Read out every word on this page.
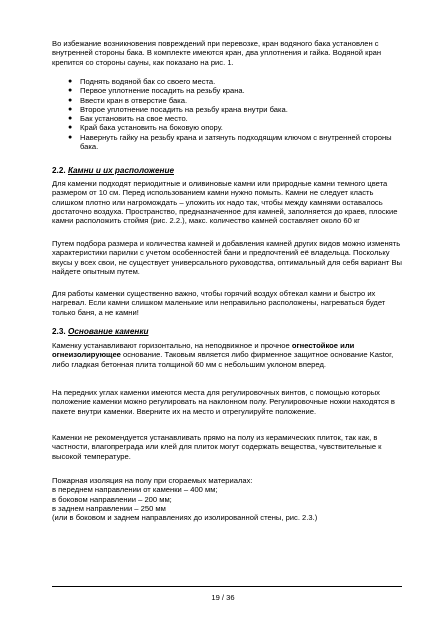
Во избежание возникновения повреждений при перевозке, кран водяного бака установлен с внутренней стороны бака. В комплекте имеются кран, два уплотнения и гайка. Водяной кран крепится со стороны сауны, как показано на рис. 1.

● Поднять водяной бак со своего места.
● Первое уплотнение посадить на резьбу крана.
● Ввести кран в отверстие бака.
● Второе уплотнение посадить на резьбу крана внутри бака.
● Бак установить на свое место.
● Край бака установить на боковую опору.
● Навернуть гайку на резьбу крана и затянуть подходящим ключом с внутренней стороны бака.
2.2. Камни и их расположение

Для каменки подходят периодитные и оливиновые камни или природные камни темного цвета размером от 10 см. Перед использованием камни нужно помыть. Камни не следует класть слишком плотно или нагромождать – уложить их надо так, чтобы между камнями оставалось достаточно воздуха. Пространство, предназначенное для камней, заполняется до краев, плоские камни расположить стоймя (рис. 2.2.), макс. количество камней составляет около 60 кг

Путем подбора размера и количества камней и добавления камней других видов можно изменять характеристики парилки с учетом особенностей бани и предпочтений её владельца. Поскольку вкусы у всех свои, не существует универсального руководства, оптимальный для себя вариант Вы найдете опытным путем.

Для работы каменки существенно важно, чтобы горячий воздух обтекал камни и быстро их нагревал. Если камни слишком маленькие или неправильно расположены, нагреваться будет только баня, а не камни!

2.3. Основание каменки

Каменку устанавливают горизонтально, на неподвижное и прочное огнестойкое или огнеизолирующее основание. Таковым является либо фирменное защитное основание Kastor, либо гладкая бетонная плита толщиной 60 мм с небольшим уклоном вперед.

На передних углах каменки имеются места для регулировочных винтов, с помощью которых положение каменки можно регулировать на наклонном полу. Регулировочные ножки находятся в пакете внутри каменки. Вверните их на место и отрегулируйте положение.

Каменки не рекомендуется устанавливать прямо на полу из керамических плиток, так как, в частности, влагопреграда или клей для плиток могут содержать вещества, чувствительные к высокой температуре.

Пожарная изоляция на полу при сгораемых материалах:
в переднем направлении от каменки – 400 мм;
в боковом направлении – 200 мм;
в заднем направлении – 250 мм
(или в боковом и заднем направлениях до изолированной стены, рис. 2.3.)
19 / 36
